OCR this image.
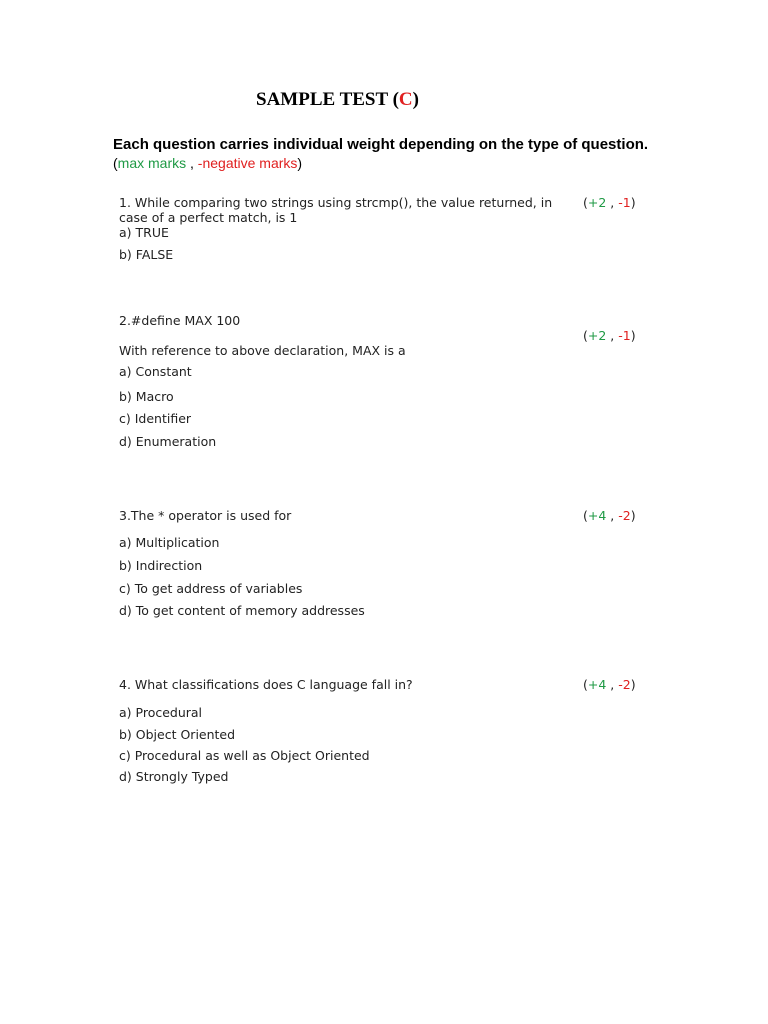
SAMPLE TEST (C)
Each question carries individual weight depending on the type of question.
(max marks , -negative marks)
1. While comparing two strings using strcmp(), the value returned, in
case of a perfect match, is 1
a) TRUE
b) FALSE
(+2 , -1)
2.#define MAX 100
With reference to above declaration, MAX is a
a) Constant
b) Macro
c) Identifier
d) Enumeration
(+2 , -1)
3.The * operator is used for
a) Multiplication
b) Indirection
c) To get address of variables
d) To get content of memory addresses
(+4 , -2)
4. What classifications does C language fall in?
a) Procedural
b) Object Oriented
c) Procedural as well as Object Oriented
d) Strongly Typed
(+4 , -2)
